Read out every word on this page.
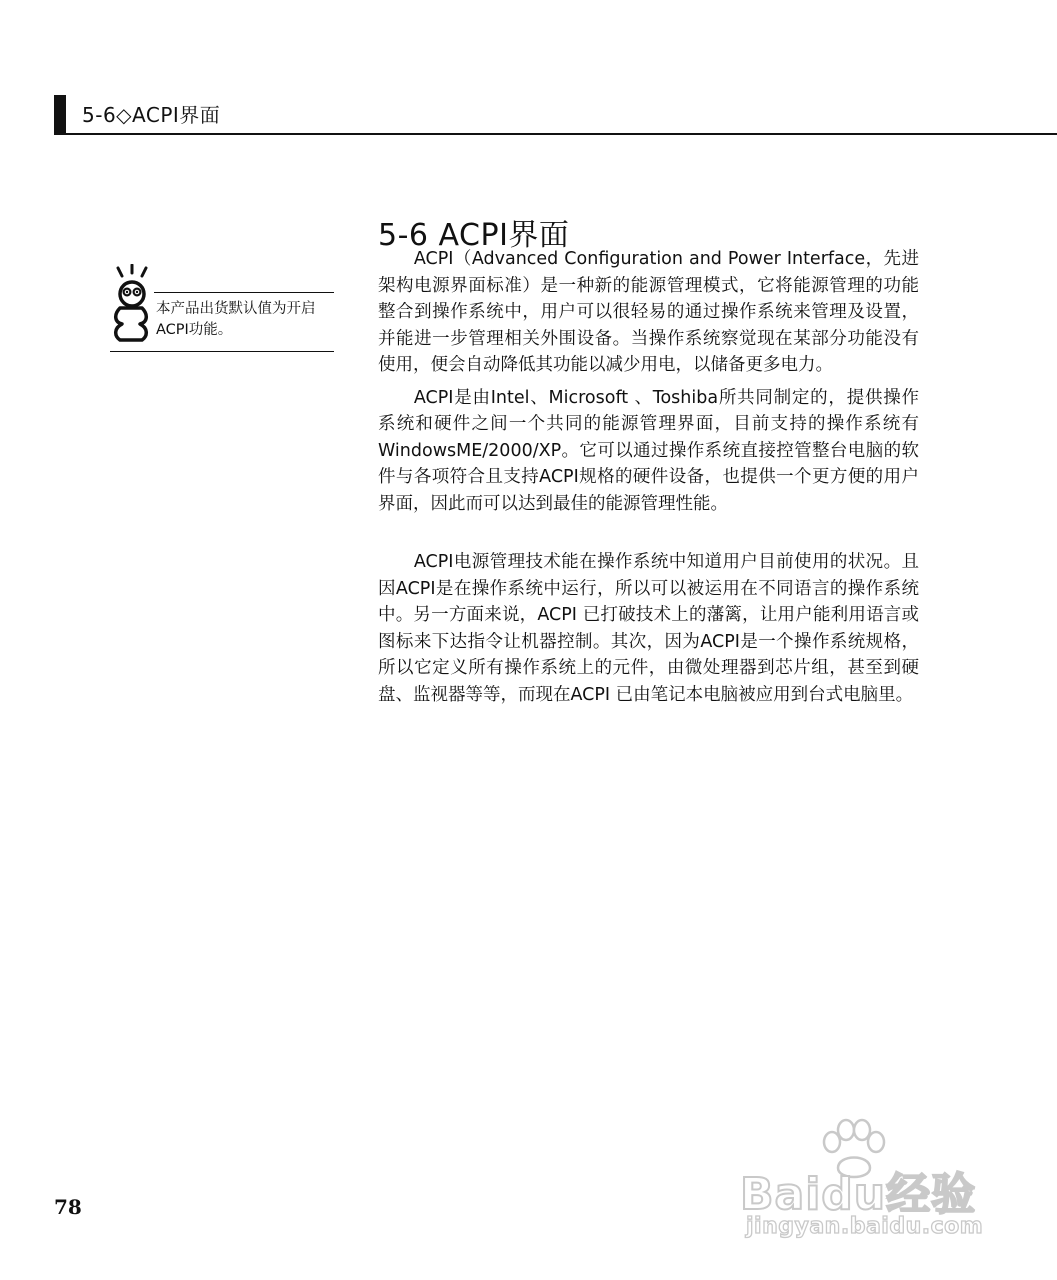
5-6◇ACPI界面
5-6 ACPI界面
本产品出货默认值为开启ACPI功能。

ACPI（Advanced Configuration and Power Interface，先进架构电源界面标准）是一种新的能源管理模式，它将能源管理的功能整合到操作系统中，用户可以很轻易的通过操作系统来管理及设置，并能进一步管理相关外围设备。当操作系统察觉现在某部分功能没有使用，便会自动降低其功能以减少用电，以储备更多电力。

ACPI是由Intel、Microsoft 、Toshiba所共同制定的，提供操作系统和硬件之间一个共同的能源管理界面，目前支持的操作系统有WindowsME/2000/XP。它可以通过操作系统直接控管整台电脑的软件与各项符合且支持ACPI规格的硬件设备，也提供一个更方便的用户界面，因此而可以达到最佳的能源管理性能。

ACPI电源管理技术能在操作系统中知道用户目前使用的状况。且因ACPI是在操作系统中运行，所以可以被运用在不同语言的操作系统中。另一方面来说，ACPI 已打破技术上的藩篱，让用户能利用语言或图标来下达指令让机器控制。其次，因为ACPI是一个操作系统规格，所以它定义所有操作系统上的元件，由微处理器到芯片组，甚至到硬盘、监视器等等，而现在ACPI 已由笔记本电脑被应用到台式电脑里。

78	Baidu经验
jingyan.baidu.com
